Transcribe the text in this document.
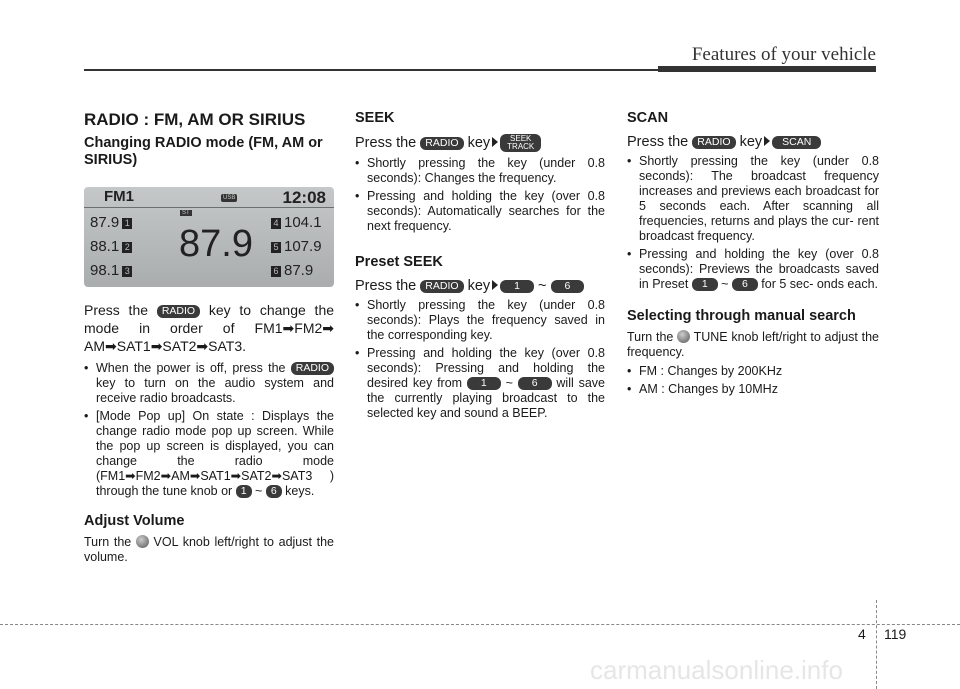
Features of your vehicle
RADIO : FM, AM OR SIRIUS
Changing RADIO mode (FM, AM or SIRIUS)
FM1	USB	12:08
ST
87.9
87.9 1
88.1 2
98.1 3
4 104.1
5 107.9
6 87.9

Press the RADIO key to change the mode in order of FM1➡FM2➡ AM➡SAT1➡SAT2➡SAT3.

• When the power is off, press the RADIO key to turn on the audio system and receive radio broadcasts.
• [Mode Pop up] On state : Displays the change radio mode pop up screen. While the pop up screen is displayed, you can change the radio mode (FM1➡FM2➡AM➡SAT1➡SAT2➡SAT3 ) through the tune knob or 1 ~ 6 keys.
Adjust Volume

Turn the VOL knob left/right to adjust the volume.

SEEK
Press the RADIO key SEEK
TRACK
• Shortly pressing the key (under 0.8 seconds): Changes the frequency.
• Pressing and holding the key (over 0.8 seconds): Automatically searches for the next frequency.
Preset SEEK
Press the RADIO key 1 ~ 6
• Shortly pressing the key (under 0.8 seconds): Plays the frequency saved in the corresponding key.
• Pressing and holding the key (over 0.8 seconds): Pressing and holding the desired key from 1 ~ 6 will save the currently playing broadcast to the selected key and sound a BEEP.
SCAN
Press the RADIO key SCAN
• Shortly pressing the key (under 0.8 seconds): The broadcast frequency increases and previews each broadcast for 5 seconds each. After scanning all frequencies, returns and plays the cur- rent broadcast frequency.
• Pressing and holding the key (over 0.8 seconds): Previews the broadcasts saved in Preset 1 ~ 6 for 5 sec- onds each.
Selecting through manual search

Turn the TUNE knob left/right to adjust the frequency.

• FM : Changes by 200KHz
• AM : Changes by 10MHz
4 119
carmanualsonline.info
